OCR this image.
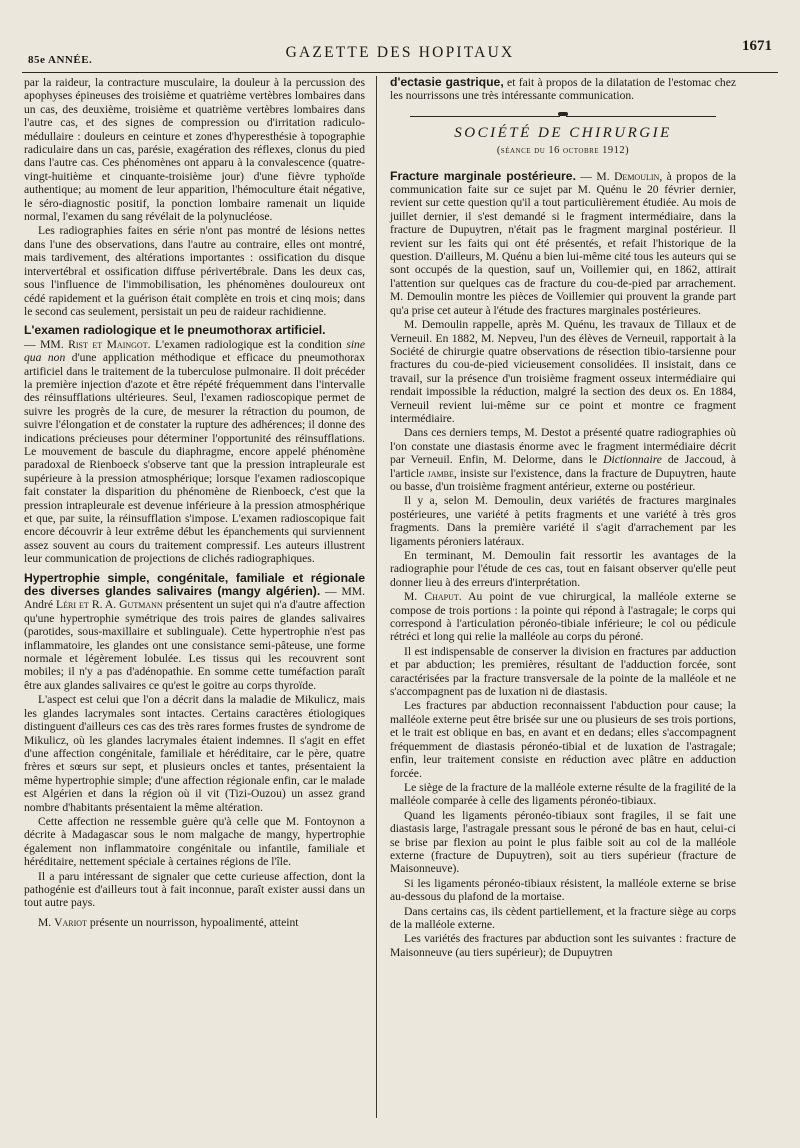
85e ANNÉE.	GAZETTE DES HOPITAUX	1671

par la raideur, la contracture musculaire, la douleur à la percussion des apophyses épineuses des troisième et quatrième vertèbres lombaires dans un cas, des deuxième, troisième et quatrième vertèbres lombaires dans l'autre cas, et des signes de compression ou d'irritation radiculo-médullaire : douleurs en ceinture et zones d'hyperesthésie à topographie radiculaire dans un cas, parésie, exagération des réflexes, clonus du pied dans l'autre cas. Ces phénomènes ont apparu à la convalescence (quatre-vingt-huitième et cinquante-troisième jour) d'une fièvre typhoïde authentique; au moment de leur apparition, l'hémoculture était négative, le séro-diagnostic positif, la ponction lombaire ramenait un liquide normal, l'examen du sang révélait de la polynucléose.

Les radiographies faites en série n'ont pas montré de lésions nettes dans l'une des observations, dans l'autre au contraire, elles ont montré, mais tardivement, des altérations importantes : ossification du disque intervertébral et ossification diffuse périvertébrale. Dans les deux cas, sous l'influence de l'immobilisation, les phénomènes douloureux ont cédé rapidement et la guérison était complète en trois et cinq mois; dans le second cas seulement, persistait un peu de raideur rachidienne.

L'examen radiologique et le pneumothorax artificiel.
— MM. Rist et Maingot. L'examen radiologique est la condition sine qua non d'une application méthodique et efficace du pneumothorax artificiel dans le traitement de la tuberculose pulmonaire. Il doit précéder la première injection d'azote et être répété fréquemment dans l'intervalle des réinsufflations ultérieures. Seul, l'examen radioscopique permet de suivre les progrès de la cure, de mesurer la rétraction du poumon, de suivre l'élongation et de constater la rupture des adhérences; il donne des indications précieuses pour déterminer l'opportunité des réinsufflations. Le mouvement de bascule du diaphragme, encore appelé phénomène paradoxal de Rienboeck s'observe tant que la pression intrapleurale est supérieure à la pression atmosphérique; lorsque l'examen radioscopique fait constater la disparition du phénomène de Rienboeck, c'est que la pression intrapleurale est devenue inférieure à la pression atmosphérique et que, par suite, la réinsufflation s'impose. L'examen radioscopique fait encore découvrir à leur extrême début les épanchements qui surviennent assez souvent au cours du traitement compressif. Les auteurs illustrent leur communication de projections de clichés radiographiques.

Hypertrophie simple, congénitale, familiale et régionale des diverses glandes salivaires (mangy algérien). — MM. André Léri et R. A. Gutmann présentent un sujet qui n'a d'autre affection qu'une hypertrophie symétrique des trois paires de glandes salivaires (parotides, sous-maxillaire et sublinguale). Cette hypertrophie n'est pas inflammatoire, les glandes ont une consistance semi-pâteuse, une forme normale et légèrement lobulée. Les tissus qui les recouvrent sont mobiles; il n'y a pas d'adénopathie. En somme cette tuméfaction paraît être aux glandes salivaires ce qu'est le goitre au corps thyroïde.

L'aspect est celui que l'on a décrit dans la maladie de Mikulicz, mais les glandes lacrymales sont intactes. Certains caractères étiologiques distinguent d'ailleurs ces cas des très rares formes frustes de syndrome de Mikulicz, où les glandes lacrymales étaient indemnes. Il s'agit en effet d'une affection congénitale, familiale et héréditaire, car le père, quatre frères et sœurs sur sept, et plusieurs oncles et tantes, présentaient la même hypertrophie simple; d'une affection régionale enfin, car le malade est Algérien et dans la région où il vit (Tizi-Ouzou) un assez grand nombre d'habitants présentaient la même altération.

Cette affection ne ressemble guère qu'à celle que M. Fontoynon a décrite à Madagascar sous le nom malgache de mangy, hypertrophie également non inflammatoire congénitale ou infantile, familiale et héréditaire, nettement spéciale à certaines régions de l'île.

Il a paru intéressant de signaler que cette curieuse affection, dont la pathogénie est d'ailleurs tout à fait inconnue, paraît exister aussi dans un tout autre pays.

M. Variot présente un nourrisson, hypoalimenté, atteint

d'ectasie gastrique, et fait à propos de la dilatation de l'estomac chez les nourrissons une très intéressante communication.

SOCIÉTÉ DE CHIRURGIE
(séance du 16 octobre 1912)

Fracture marginale postérieure. — M. Demoulin, à propos de la communication faite sur ce sujet par M. Quénu le 20 février dernier, revient sur cette question qu'il a tout particulièrement étudiée. Au mois de juillet dernier, il s'est demandé si le fragment intermédiaire, dans la fracture de Dupuytren, n'était pas le fragment marginal postérieur. Il revient sur les faits qui ont été présentés, et refait l'historique de la question. D'ailleurs, M. Quénu a bien lui-même cité tous les auteurs qui se sont occupés de la question, sauf un, Voillemier qui, en 1862, attirait l'attention sur quelques cas de fracture du cou-de-pied par arrachement. M. Demoulin montre les pièces de Voillemier qui prouvent la grande part qu'a prise cet auteur à l'étude des fractures marginales postérieures.

M. Demoulin rappelle, après M. Quénu, les travaux de Tillaux et de Verneuil. En 1882, M. Nepveu, l'un des élèves de Verneuil, rapportait à la Société de chirurgie quatre observations de résection tibio-tarsienne pour fractures du cou-de-pied vicieusement consolidées. Il insistait, dans ce travail, sur la présence d'un troisième fragment osseux intermédiaire qui rendait impossible la réduction, malgré la section des deux os. En 1884, Verneuil revient lui-même sur ce point et montre ce fragment intermédiaire.

Dans ces derniers temps, M. Destot a présenté quatre radiographies où l'on constate une diastasis énorme avec le fragment intermédiaire décrit par Verneuil. Enfin, M. Delorme, dans le Dictionnaire de Jaccoud, à l'article jambe, insiste sur l'existence, dans la fracture de Dupuytren, haute ou basse, d'un troisième fragment antérieur, externe ou postérieur.

Il y a, selon M. Demoulin, deux variétés de fractures marginales postérieures, une variété à petits fragments et une variété à très gros fragments. Dans la première variété il s'agit d'arrachement par les ligaments péroniers latéraux.

En terminant, M. Demoulin fait ressortir les avantages de la radiographie pour l'étude de ces cas, tout en faisant observer qu'elle peut donner lieu à des erreurs d'interprétation.

M. Chaput. Au point de vue chirurgical, la malléole externe se compose de trois portions : la pointe qui répond à l'astragale; le corps qui correspond à l'articulation péronéo-tibiale inférieure; le col ou pédicule rétréci et long qui relie la malléole au corps du péroné.

Il est indispensable de conserver la division en fractures par adduction et par abduction; les premières, résultant de l'adduction forcée, sont caractérisées par la fracture transversale de la pointe de la malléole et ne s'accompagnent pas de luxation ni de diastasis.

Les fractures par abduction reconnaissent l'abduction pour cause; la malléole externe peut être brisée sur une ou plusieurs de ses trois portions, et le trait est oblique en bas, en avant et en dedans; elles s'accompagnent fréquemment de diastasis péronéo-tibial et de luxation de l'astragale; enfin, leur traitement consiste en réduction avec plâtre en adduction forcée.

Le siège de la fracture de la malléole externe résulte de la fragilité de la malléole comparée à celle des ligaments péronéo-tibiaux.

Quand les ligaments péronéo-tibiaux sont fragiles, il se fait une diastasis large, l'astragale pressant sous le péroné de bas en haut, celui-ci se brise par flexion au point le plus faible soit au col de la malléole externe (fracture de Dupuytren), soit au tiers supérieur (fracture de Maisonneuve).

Si les ligaments péronéo-tibiaux résistent, la malléole externe se brise au-dessous du plafond de la mortaise.

Dans certains cas, ils cèdent partiellement, et la fracture siège au corps de la malléole externe.

Les variétés des fractures par abduction sont les suivantes : fracture de Maisonneuve (au tiers supérieur); de Dupuytren
